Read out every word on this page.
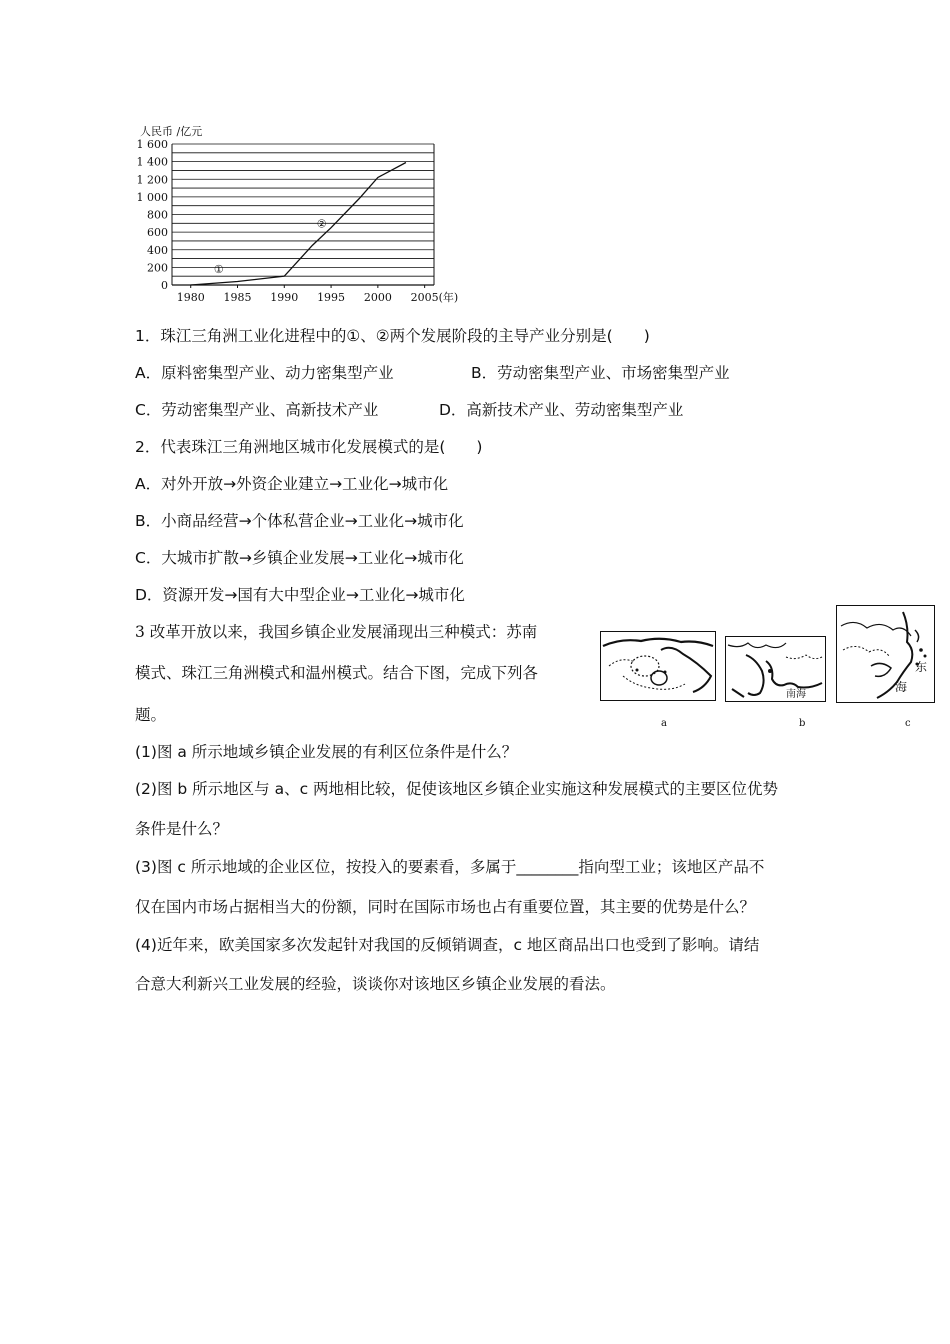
人民币 /亿元
0
200
400
600
800
1 000
1 200
1 400
1 600
1980 1985 1990 1995 2000 2005 (年)
①
②
1．珠江三角洲工业化进程中的①、②两个发展阶段的主导产业分别是(　　)
A．原料密集型产业、动力密集型产业	B．劳动密集型产业、市场密集型产业
C．劳动密集型产业、高新技术产业	D．高新技术产业、劳动密集型产业
2．代表珠江三角洲地区城市化发展模式的是(　　)
A．对外开放→外资企业建立→工业化→城市化
B．小商品经营→个体私营企业→工业化→城市化
C．大城市扩散→乡镇企业发展→工业化→城市化
D．资源开发→国有大中型企业→工业化→城市化
3 改革开放以来，我国乡镇企业发展涌现出三种模式：苏南
模式、珠江三角洲模式和温州模式。结合下图，完成下列各
题。	a
南海
b
东
海
c
(1)图 a 所示地域乡镇企业发展的有利区位条件是什么？
(2)图 b 所示地区与 a、c 两地相比较，促使该地区乡镇企业实施这种发展模式的主要区位优势
条件是什么？
(3)图 c 所示地域的企业区位，按投入的要素看，多属于________指向型工业；该地区产品不
仅在国内市场占据相当大的份额，同时在国际市场也占有重要位置，其主要的优势是什么？
(4)近年来，欧美国家多次发起针对我国的反倾销调查，c 地区商品出口也受到了影响。请结
合意大利新兴工业发展的经验，谈谈你对该地区乡镇企业发展的看法。
